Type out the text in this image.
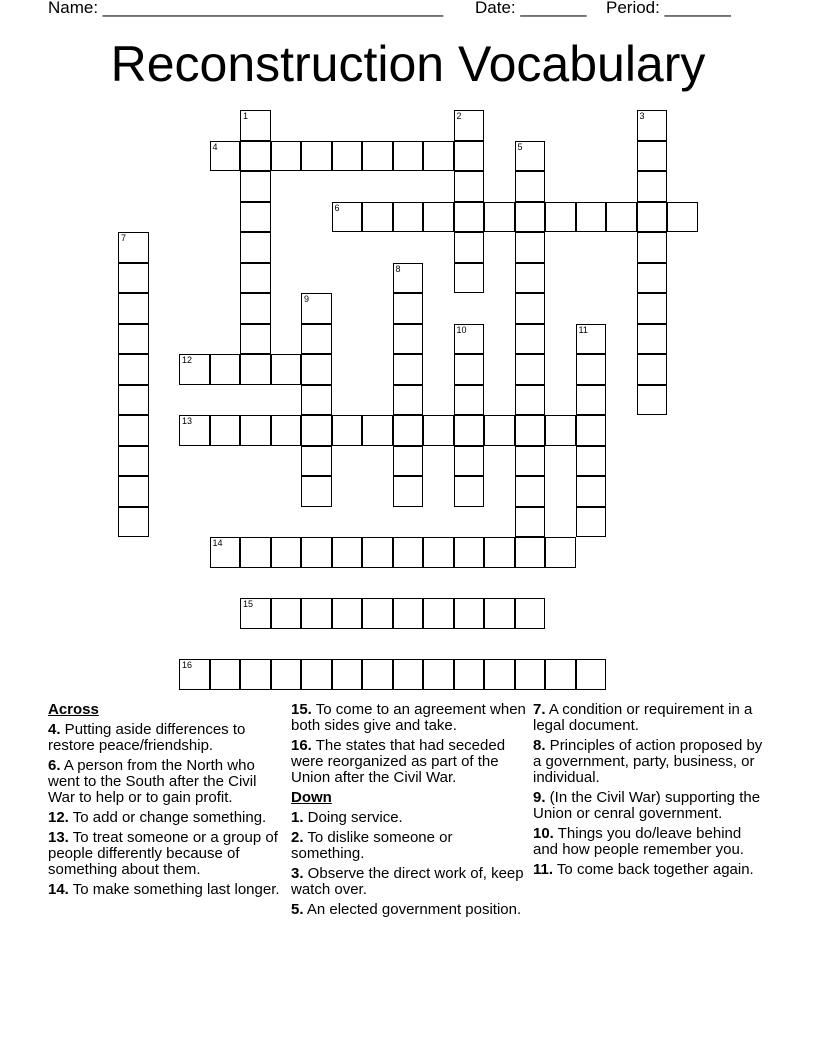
Name: ____________________________________

Date: _______

Period: _______

Reconstruction Vocabulary
1	2	3
4	5
6
7
8
9
10	11
12
13
14
15
16
Across
4. Putting aside differences to restore peace/friendship.
6. A person from the North who went to the South after the Civil War to help or to gain profit.
12. To add or change something.
13. To treat someone or a group of people differently because of something about them.
14. To make something last longer.
15. To come to an agreement when both sides give and take.
16. The states that had seceded were reorganized as part of the Union after the Civil War.
Down
1. Doing service.
2. To dislike someone or something.
3. Observe the direct work of, keep watch over.
5. An elected government position.
7. A condition or requirement in a legal document.
8. Principles of action proposed by a government, party, business, or individual.
9. (In the Civil War) supporting the Union or cenral government.
10. Things you do/leave behind and how people remember you.
11. To come back together again.
